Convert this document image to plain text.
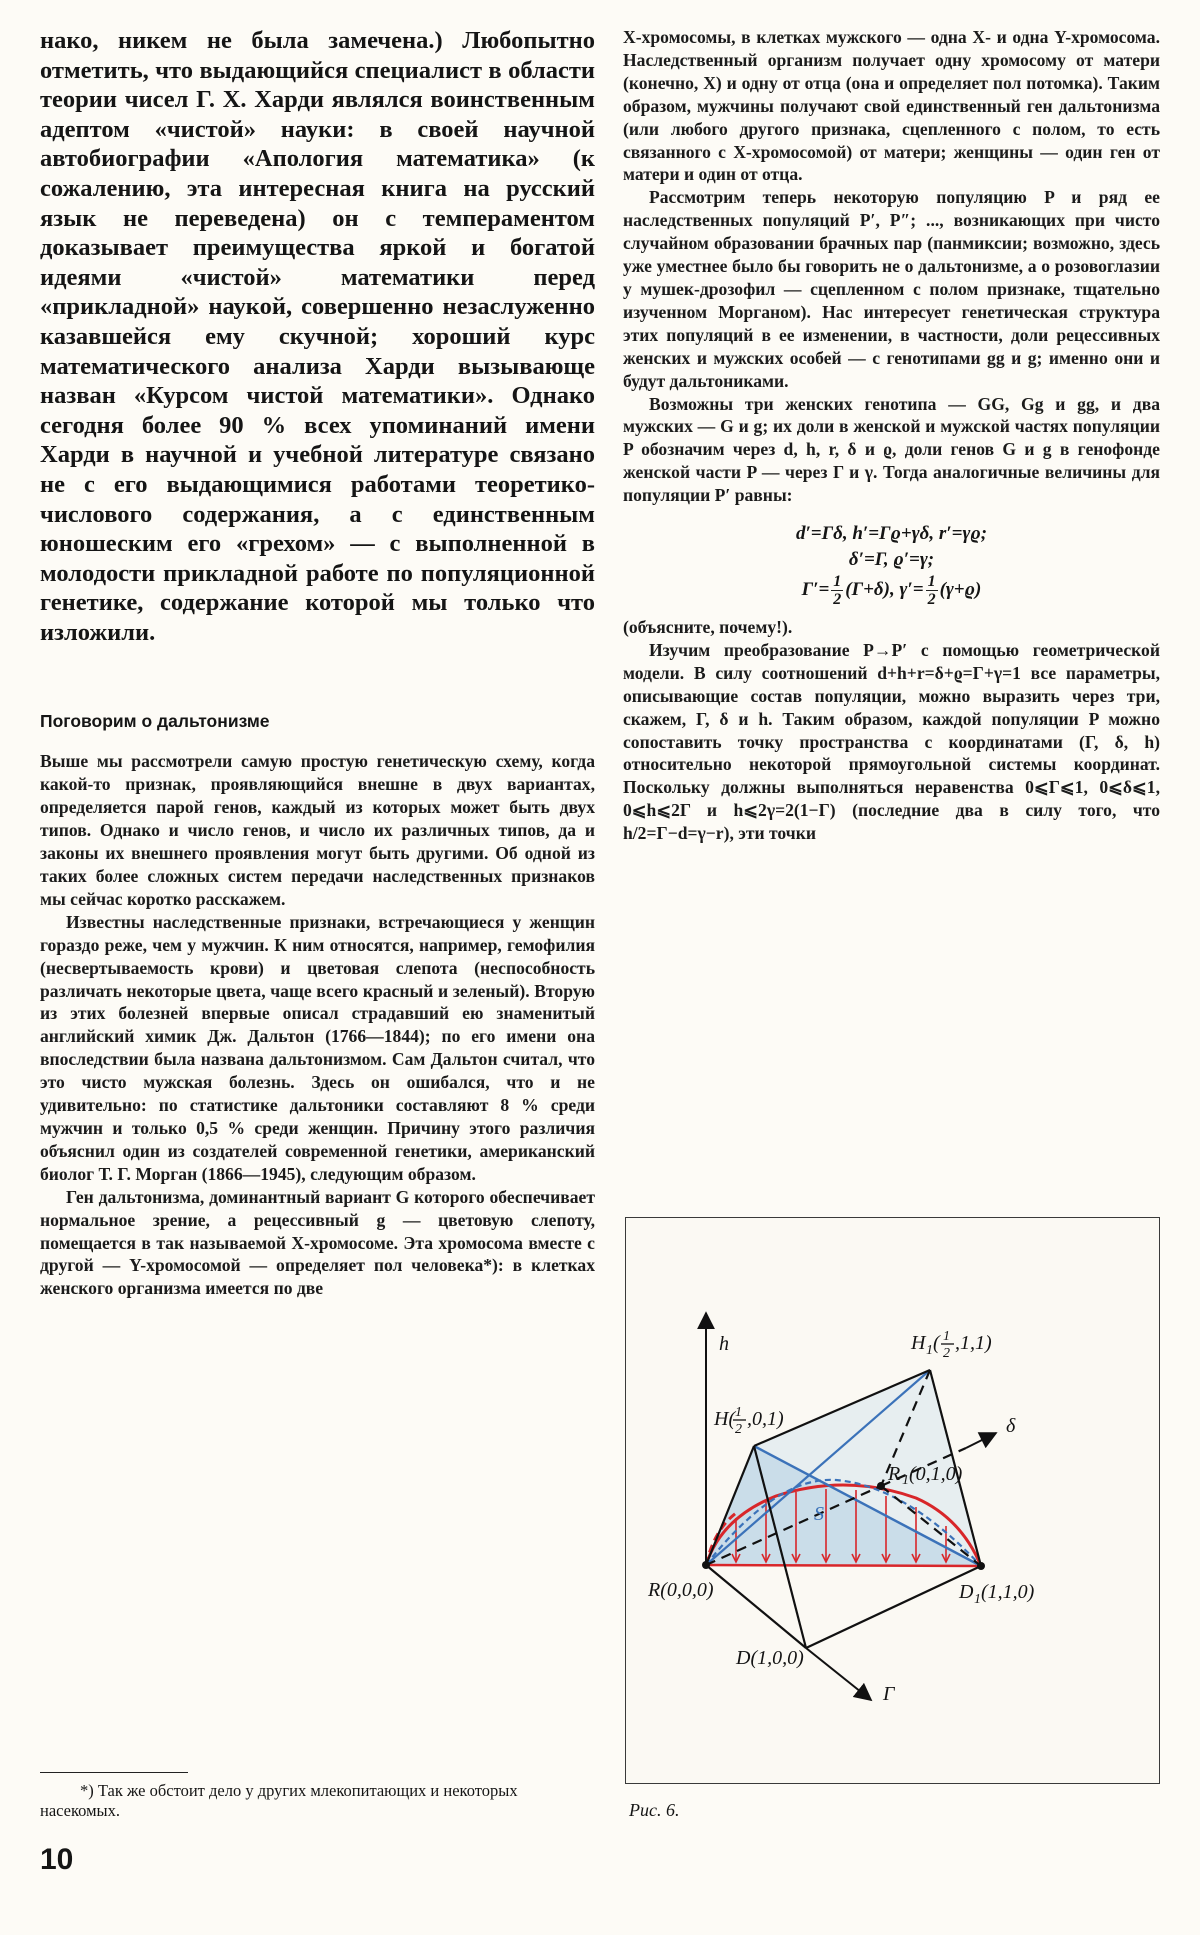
нако, никем не была замечена.) Любопытно отметить, что выдающийся специалист в области теории чисел Г. Х. Харди являлся воинственным адептом «чистой» науки: в своей научной автобиографии «Апология математика» (к сожалению, эта интересная книга на русский язык не переведена) он с темпераментом доказывает преимущества яркой и богатой идеями «чистой» математики перед «прикладной» наукой, совершенно незаслуженно казавшейся ему скучной; хороший курс математического анализа Харди вызывающе назван «Курсом чистой математики». Однако сегодня более 90 % всех упоминаний имени Харди в научной и учебной литературе связано не с его выдающимися работами теоретико-числового содержания, а с единственным юношеским его «грехом» — с выполненной в молодости прикладной работе по популяционной генетике, содержание которой мы только что изложили.

Поговорим о дальтонизме

Выше мы рассмотрели самую простую генетическую схему, когда какой-то признак, проявляющийся внешне в двух вариантах, определяется парой генов, каждый из которых может быть двух типов. Однако и число генов, и число их различных типов, да и законы их внешнего проявления могут быть другими. Об одной из таких более сложных систем передачи наследственных признаков мы сейчас коротко расскажем.

Известны наследственные признаки, встречающиеся у женщин гораздо реже, чем у мужчин. К ним относятся, например, гемофилия (несвертываемость крови) и цветовая слепота (неспособность различать некоторые цвета, чаще всего красный и зеленый). Вторую из этих болезней впервые описал страдавший ею знаменитый английский химик Дж. Дальтон (1766—1844); по его имени она впоследствии была названа дальтонизмом. Сам Дальтон считал, что это чисто мужская болезнь. Здесь он ошибался, что и не удивительно: по статистике дальтоники составляют 8 % среди мужчин и только 0,5 % среди женщин. Причину этого различия объяснил один из создателей современной генетики, американский биолог Т. Г. Морган (1866—1945), следующим образом.

Ген дальтонизма, доминантный вариант G которого обеспечивает нормальное зрение, а рецессивный g — цветовую слепоту, помещается в так называемой X-хромосоме. Эта хромосома вместе с другой — Y-хромосомой — определяет пол человека*): в клетках женского организма имеется по две

*) Так же обстоит дело у других млекопитающих и некоторых насекомых.

10

X-хромосомы, в клетках мужского — одна X- и одна Y-хромосома. Наследственный организм получает одну хромосому от матери (конечно, X) и одну от отца (она и определяет пол потомка). Таким образом, мужчины получают свой единственный ген дальтонизма (или любого другого признака, сцепленного с полом, то есть связанного с X-хромосомой) от матери; женщины — один ген от матери и один от отца.

Рассмотрим теперь некоторую популяцию P и ряд ее наследственных популяций P′, P″; ..., возникающих при чисто случайном образовании брачных пар (панмиксии; возможно, здесь уже уместнее было бы говорить не о дальтонизме, а о розовоглазии у мушек-дрозофил — сцепленном с полом признаке, тщательно изученном Морганом). Нас интересует генетическая структура этих популяций в ее изменении, в частности, доли рецессивных женских и мужских особей — с генотипами gg и g; именно они и будут дальтониками.

Возможны три женских генотипа — GG, Gg и gg, и два мужских — G и g; их доли в женской и мужской частях популяции P обозначим через d, h, r, δ и ϱ, доли генов G и g в генофонде женской части P — через Γ и γ. Тогда аналогичные величины для популяции P′ равны:

d′=Γδ, h′=Γϱ+γδ, r′=γϱ;
δ′=Γ, ϱ′=γ;
$\Gamma'= \frac{1}{2} (\Gamma+\delta)$, $\gamma'= \frac{1}{2} (\gamma+ϱ)$

(объясните, почему!).

Изучим преобразование P→P′ с помощью геометрической модели. В силу соотношений d+h+r=δ+ϱ=Γ+γ=1 все параметры, описывающие состав популяции, можно выразить через три, скажем, Γ, δ и h. Таким образом, каждой популяции P можно сопоставить точку пространства с координатами (Γ, δ, h) относительно некоторой прямоугольной системы координат. Поскольку должны выполняться неравенства 0⩽Γ⩽1, 0⩽δ⩽1, 0⩽h⩽2Γ и h⩽2γ=2(1−Γ) (последние два в силу того, что h/2=Γ−d=γ−r), эти точки

h
δ
Γ
H( 1
2 ,0,1)
H 1 ( 1
2 ,1,1)
R 1 (0,1,0)
R(0,0,0)	D 1 (1,1,0)
D(1,0,0)
S
Рис. 6.
